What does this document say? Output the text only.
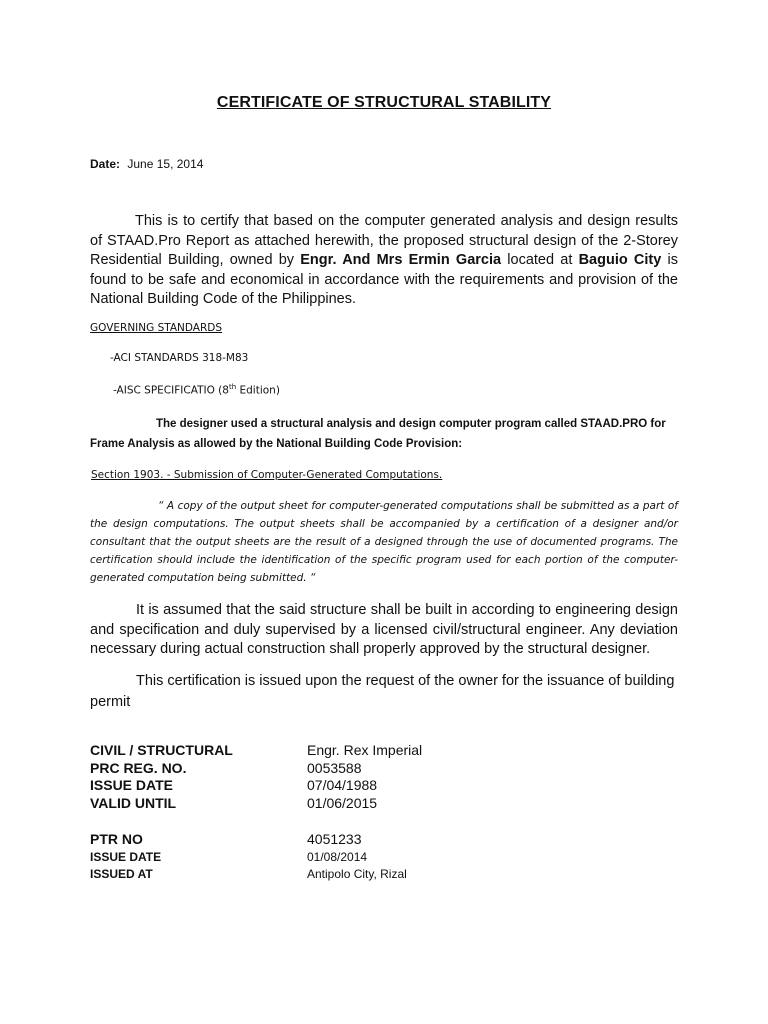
CERTIFICATE OF STRUCTURAL STABILITY
Date: June 15, 2014
This is to certify that based on the computer generated analysis and design results of STAAD.Pro Report as attached herewith, the proposed structural design of the 2-Storey Residential Building, owned by Engr. And Mrs Ermin Garcia located at Baguio City is found to be safe and economical in accordance with the requirements and provision of the National Building Code of the Philippines.
GOVERNING STANDARDS
-ACI STANDARDS 318-M83
-AISC SPECIFICATIO (8th Edition)
The designer used a structural analysis and design computer program called STAAD.PRO for Frame Analysis as allowed by the National Building Code Provision:
Section 1903. - Submission of Computer-Generated Computations.
“ A copy of the output sheet for computer-generated computations shall be submitted as a part of the design computations. The output sheets shall be accompanied by a certification of a designer and/or consultant that the output sheets are the result of a designed through the use of documented programs. The certification should include the identification of the specific program used for each portion of the computer-generated computation being submitted. “
It is assumed that the said structure shall be built in according to engineering design and specification and duly supervised by a licensed civil/structural engineer. Any deviation necessary during actual construction shall properly approved by the structural designer.
This certification is issued upon the request of the owner for the issuance of building permit
CIVIL / STRUCTURAL	Engr. Rex Imperial
PRC REG. NO.	0053588
ISSUE DATE	07/04/1988
VALID UNTIL	01/06/2015
PTR NO	4051233
ISSUE DATE	01/08/2014
ISSUED AT	Antipolo City, Rizal
